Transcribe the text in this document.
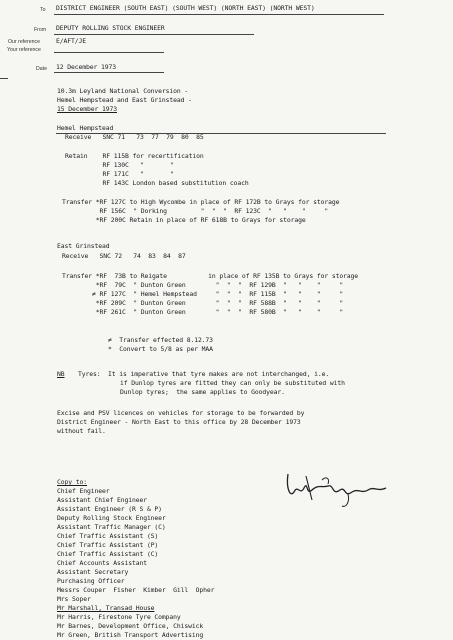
To DISTRICT ENGINEER (SOUTH EAST) (SOUTH WEST) (NORTH EAST) (NORTH WEST)
From DEPUTY ROLLING STOCK ENGINEER
Our reference E/AFT/JE
Your reference
Date 12 December 1973
10.3m Leyland National Conversion -
Hemel Hempstead and East Grinstead -
15 December 1973
Hemel Hempstead
Receive   SNC 71   73  77  79  80  85
Retain    RF 115B for recertification
RF 130C   "       "
RF 171C   "       "
RF 143C London based substitution coach
Transfer *RF 127C to High Wycombe in place of RF 172B to Grays for storage
RF 156C  " Dorking         "  "  "  RF 123C  "   "    "     "
*RF 200C Retain in place of RF 618B to Grays for storage
East Grinstead
Receive   SNC 72   74  83  84  87
Transfer *RF  73B to Reigate           in place of RF 135B to Grays for storage
*RF  79C  " Dunton Green        "  "  "  RF 129B  "   "    "     "
≠ RF 127C  " Hemel Hempstead     "  "  "  RF 115B  "   "    "     "
*RF 209C  " Dunton Green        "  "  "  RF 588B  "   "    "     "
*RF 261C  " Dunton Green        "  "  "  RF 580B  "   "    "     "
≠  Transfer effected 8.12.73
*  Convert to 5/8 as per MAA
NB Tyres:  It is imperative that tyre makes are not interchanged, i.e.
if Dunlop tyres are fitted they can only be substituted with
Dunlop tyres;  the same applies to Goodyear.
Excise and PSV licences on vehicles for storage to be forwarded by
District Engineer - North East to this office by 28 December 1973
without fail.
Copy to:
Chief Engineer
Assistant Chief Engineer
Assistant Engineer (R S & P)
Deputy Rolling Stock Engineer
Assistant Traffic Manager (C)
Chief Traffic Assistant (S)
Chief Traffic Assistant (P)
Chief Traffic Assistant (C)
Chief Accounts Assistant
Assistant Secretary
Purchasing Officer
Messrs Couper  Fisher  Kimber  Gill  Opher
Mrs Soper
Mr Marshall, Transad House
Mr Harris, Firestone Tyre Company
Mr Barnes, Development Office, Chiswick
Mr Green, British Transport Advertising
